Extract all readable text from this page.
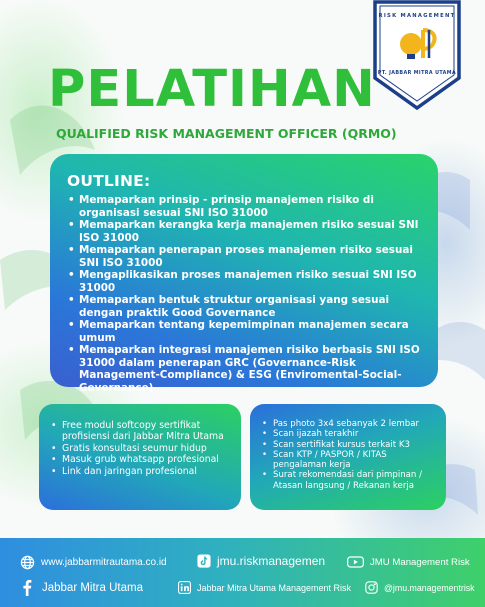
RISK MANAGEMENT
PT. JABBAR MITRA UTAMA
PELATIHAN
QUALIFIED RISK MANAGEMENT OFFICER (QRMO)
OUTLINE:
• Memaparkan prinsip - prinsip manajemen risiko di organisasi sesuai SNI ISO 31000
• Memaparkan kerangka kerja manajemen risiko sesuai SNI ISO 31000
• Memaparkan penerapan proses manajemen risiko sesuai SNI ISO 31000
• Mengaplikasikan proses manajemen risiko sesuai SNI ISO 31000
• Memaparkan bentuk struktur organisasi yang sesuai dengan praktik Good Governance
• Memaparkan tentang kepemimpinan manajemen secara umum
• Memaparkan integrasi manajemen risiko berbasis SNI ISO 31000 dalam penerapan GRC (Governance-Risk Management-Compliance) & ESG (Enviromental-Social-Governance)
• Free modul softcopy sertifikat profisiensi dari Jabbar Mitra Utama
• Gratis konsultasi seumur hidup
• Masuk grub whatsapp profesional
• Link dan jaringan profesional
• Pas photo 3x4 sebanyak 2 lembar
• Scan ijazah terakhir
• Scan sertifikat kursus terkait K3
• Scan KTP / PASPOR / KITAS pengalaman kerja
• Surat rekomendasi dari pimpinan / Atasan langsung / Rekanan kerja
www.jabbarmitrautama.co.id	jmu.riskmanagemen	JMU Management Risk
Jabbar Mitra Utama	Jabbar Mitra Utama Management Risk	@jmu.managementrisk
